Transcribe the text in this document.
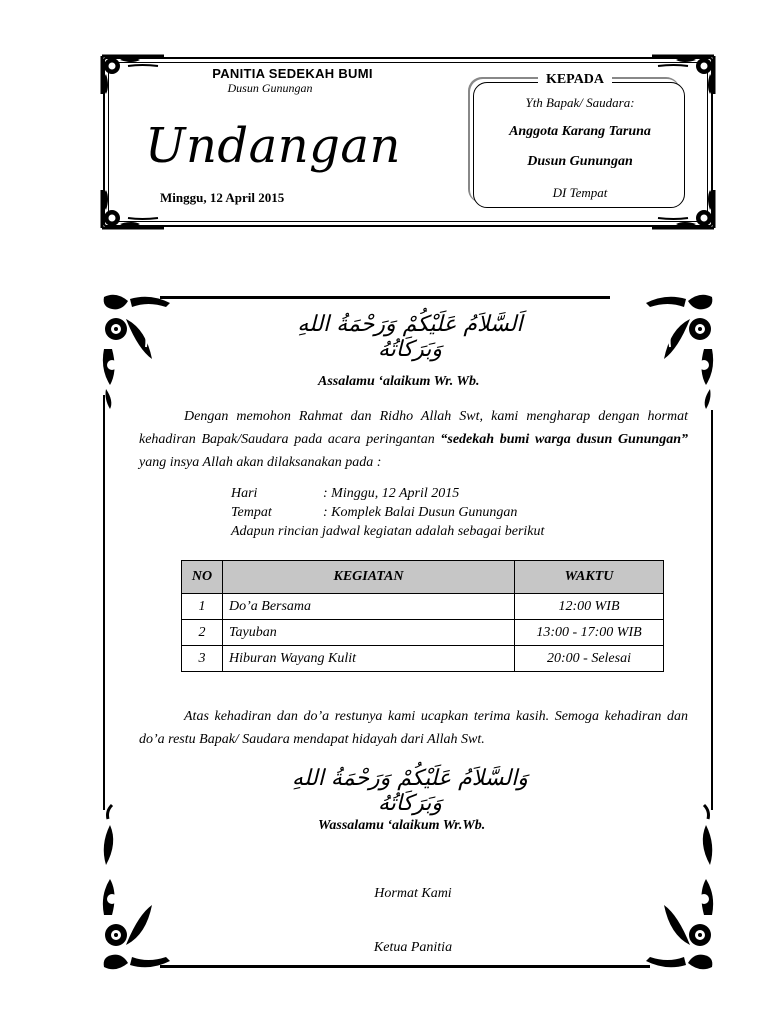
PANITIA SEDEKAH BUMI
Dusun Gunungan
Undangan
Minggu, 12 April 2015
KEPADA
Yth Bapak/ Saudara:
Anggota Karang Taruna
Dusun Gunungan
DI Tempat
اَلسَّلاَمُ عَلَيْكُمْ وَرَحْمَةُ اللهِ وَبَرَكَاتُهُ
Assalamu ‘alaikum Wr. Wb.
Dengan memohon Rahmat dan Ridho Allah Swt, kami mengharap dengan hormat kehadiran Bapak/Saudara pada acara peringantan “sedekah bumi warga dusun Gunungan” yang insya Allah akan dilaksanakan pada :
Hari	: Minggu, 12 April 2015
Tempat	: Komplek Balai Dusun Gunungan
Adapun rincian jadwal kegiatan adalah sebagai berikut
NO	KEGIATAN	WAKTU
1	Do’a Bersama	12:00 WIB
2	Tayuban	13:00 - 17:00 WIB
3	Hiburan Wayang Kulit	20:00 - Selesai
Atas kehadiran dan do’a restunya kami ucapkan terima kasih. Semoga kehadiran dan do’a restu Bapak/ Saudara mendapat hidayah dari Allah Swt.
وَالسَّلاَمُ عَلَيْكُمْ وَرَحْمَةُ اللهِ وَبَرَكَاتُهُ
Wassalamu ‘alaikum Wr.Wb.
Hormat Kami
Ketua Panitia
